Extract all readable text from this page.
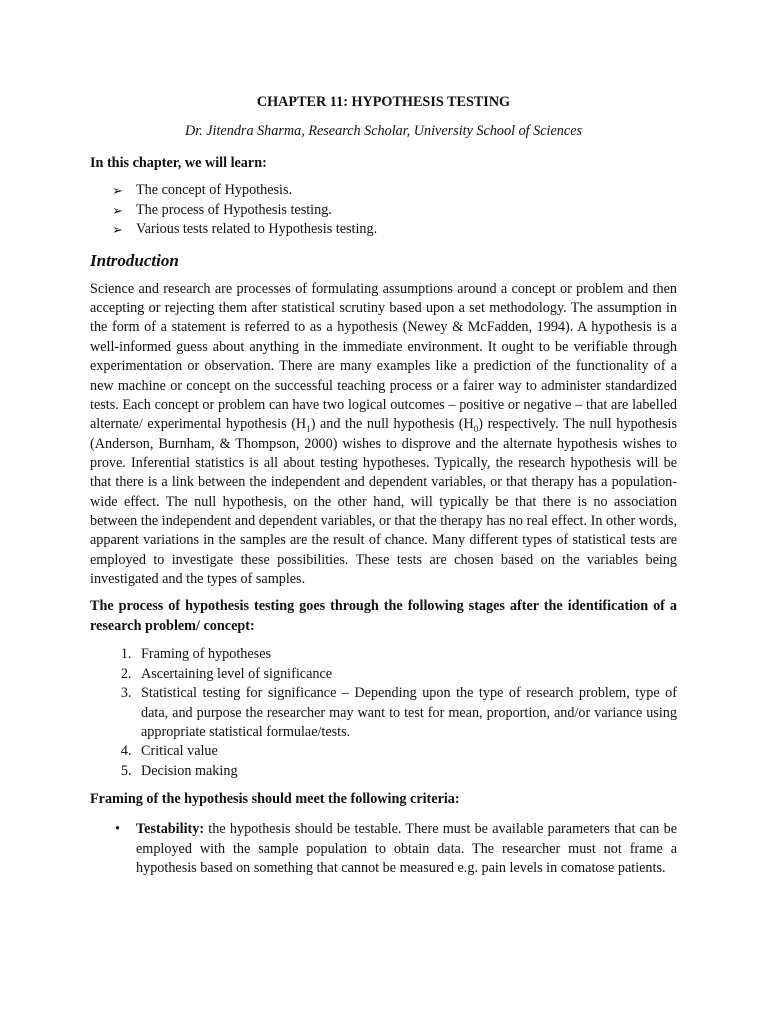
CHAPTER 11: HYPOTHESIS TESTING
Dr. Jitendra Sharma, Research Scholar, University School of Sciences
In this chapter, we will learn:
➢ The concept of Hypothesis.
➢ The process of Hypothesis testing.
➢ Various tests related to Hypothesis testing.
Introduction

Science and research are processes of formulating assumptions around a concept or problem and then accepting or rejecting them after statistical scrutiny based upon a set methodology. The assumption in the form of a statement is referred to as a hypothesis (Newey & McFadden, 1994). A hypothesis is a well-informed guess about anything in the immediate environment. It ought to be verifiable through experimentation or observation. There are many examples like a prediction of the functionality of a new machine or concept on the successful teaching process or a fairer way to administer standardized tests. Each concept or problem can have two logical outcomes – positive or negative – that are labelled alternate/ experimental hypothesis $(H_1)$ and the null hypothesis $(H_0)$ respectively. The null hypothesis (Anderson, Burnham, & Thompson, 2000) wishes to disprove and the alternate hypothesis wishes to prove. Inferential statistics is all about testing hypotheses. Typically, the research hypothesis will be that there is a link between the independent and dependent variables, or that therapy has a population-wide effect. The null hypothesis, on the other hand, will typically be that there is no association between the independent and dependent variables, or that the therapy has no real effect. In other words, apparent variations in the samples are the result of chance. Many different types of statistical tests are employed to investigate these possibilities. These tests are chosen based on the variables being investigated and the types of samples.

The process of hypothesis testing goes through the following stages after the identification of a research problem/ concept:
1. Framing of hypotheses
2. Ascertaining level of significance
3. Statistical testing for significance – Depending upon the type of research problem, type of data, and purpose the researcher may want to test for mean, proportion, and/or variance using appropriate statistical formulae/tests.
4. Critical value
5. Decision making
Framing of the hypothesis should meet the following criteria:
• Testability: the hypothesis should be testable. There must be available parameters that can be employed with the sample population to obtain data. The researcher must not frame a hypothesis based on something that cannot be measured e.g. pain levels in comatose patients.
